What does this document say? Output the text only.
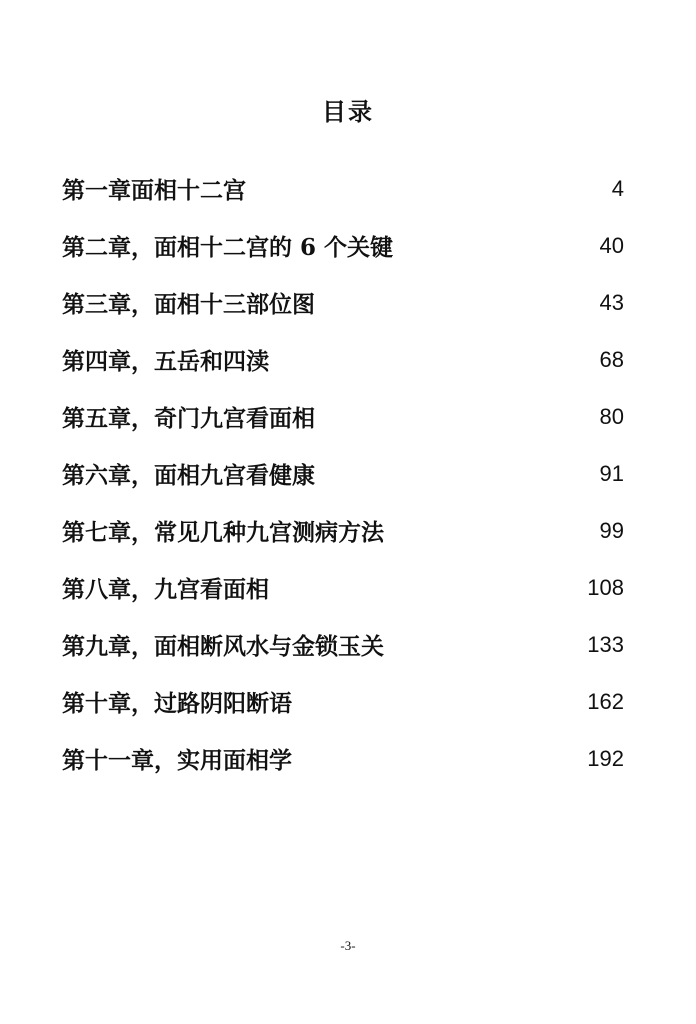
目录
第一章面相十二宫	4
第二章，面相十二宫的 6 个关键	40
第三章，面相十三部位图	43
第四章，五岳和四渎	68
第五章，奇门九宫看面相	80
第六章，面相九宫看健康	91
第七章，常见几种九宫测病方法	99
第八章，九宫看面相	108
第九章，面相断风水与金锁玉关	133
第十章，过路阴阳断语	162
第十一章，实用面相学	192
-3-
